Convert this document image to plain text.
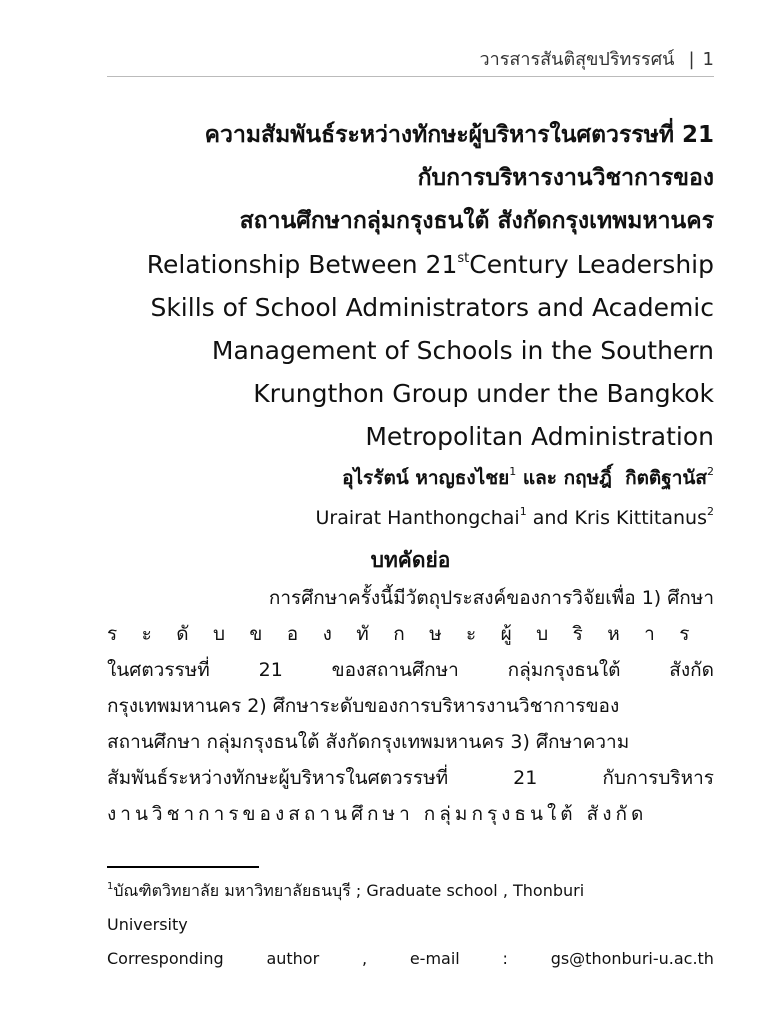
วารสารสันติสุขปริทรรศน์ | 1
ความสัมพันธ์ระหว่างทักษะผู้บริหารในศตวรรษที่ 21
กับการบริหารงานวิชาการของ
สถานศึกษากลุ่มกรุงธนใต้ สังกัดกรุงเทพมหานคร
Relationship Between 21stCentury Leadership
Skills of School Administrators and Academic
Management of Schools in the Southern
Krungthon Group under the Bangkok
Metropolitan Administration
อุไรรัตน์ หาญธงไชย$^1$ และ กฤษฎิ์  กิตติฐานัส$^2$
Urairat Hanthongchai$^1$ and Kris Kittitanus$^2$
บทคัดย่อ
การศึกษาครั้งนี้มีวัตถุประสงค์ของการวิจัยเพื่อ 1) ศึกษา
ร ะ ดั บ ข อ ง ทั ก ษ ะ ผู้ บ ริ ห า ร
ในศตวรรษที่ 21 ของสถานศึกษา กลุ่มกรุงธนใต้ สังกัด
กรุงเทพมหานคร 2) ศึกษาระดับของการบริหารงานวิชาการของ
สถานศึกษา กลุ่มกรุงธนใต้ สังกัดกรุงเทพมหานคร 3) ศึกษาความ
สัมพันธ์ระหว่างทักษะผู้บริหารในศตวรรษที่ 21 กับการบริหาร
งานวิชาการของสถานศึกษา กลุ่มกรุงธนใต้ สังกัด
$^1$บัณฑิตวิทยาลัย มหาวิทยาลัยธนบุรี ; Graduate school , Thonburi
University
Corresponding	author	,	e-mail	:	gs@thonburi-u.ac.th
